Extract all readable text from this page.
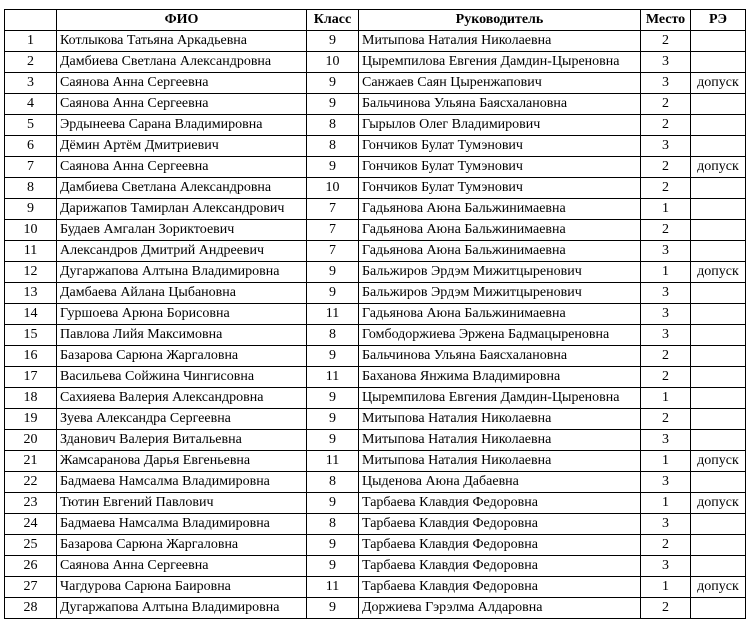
	ФИО	Класс	Руководитель	Место	РЭ
1	Котлыкова Татьяна Аркадьевна	9	Митыпова Наталия Николаевна	2	
2	Дамбиева Светлана Александровна	10	Цыремпилова Евгения Дамдин-Цыреновна	3	
3	Саянова Анна Сергеевна	9	Санжаев Саян Цыренжапович	3	допуск
4	Саянова Анна Сергеевна	9	Бальчинова Ульяна Баясхалановна	2	
5	Эрдынеева Сарана Владимировна	8	Гырылов Олег Владимирович	2	
6	Дёмин Артём Дмитриевич	8	Гончиков Булат Тумэнович	3	
7	Саянова Анна Сергеевна	9	Гончиков Булат Тумэнович	2	допуск
8	Дамбиева Светлана Александровна	10	Гончиков Булат Тумэнович	2	
9	Дарижапов Тамирлан Александрович	7	Гадьянова Аюна Бальжинимаевна	1	
10	Будаев Амгалан Зориктоевич	7	Гадьянова Аюна Бальжинимаевна	2	
11	Александров Дмитрий Андреевич	7	Гадьянова Аюна Бальжинимаевна	3	
12	Дугаржапова Алтына Владимировна	9	Бальжиров Эрдэм Мижитцыренович	1	допуск
13	Дамбаева Айлана Цыбановна	9	Бальжиров Эрдэм Мижитцыренович	3	
14	Гуршоева Арюна Борисовна	11	Гадьянова Аюна Бальжинимаевна	3	
15	Павлова Лийя Максимовна	8	Гомбодоржиева Эржена Бадмацыреновна	3	
16	Базарова Сарюна Жаргаловна	9	Бальчинова Ульяна Баясхалановна	2	
17	Васильева Сойжина Чингисовна	11	Баханова Янжима Владимировна	2	
18	Сахияева Валерия Александровна	9	Цыремпилова Евгения Дамдин-Цыреновна	1	
19	Зуева Александра Сергеевна	9	Митыпова Наталия Николаевна	2	
20	Зданович Валерия Витальевна	9	Митыпова Наталия Николаевна	3	
21	Жамсаранова Дарья Евгеньевна	11	Митыпова Наталия Николаевна	1	допуск
22	Бадмаева Намсалма Владимировна	8	Цыденова Аюна Дабаевна	3	
23	Тютин Евгений Павлович	9	Тарбаева Клавдия Федоровна	1	допуск
24	Бадмаева Намсалма Владимировна	8	Тарбаева Клавдия Федоровна	3	
25	Базарова Сарюна Жаргаловна	9	Тарбаева Клавдия Федоровна	2	
26	Саянова Анна Сергеевна	9	Тарбаева Клавдия Федоровна	3	
27	Чагдурова Сарюна Баировна	11	Тарбаева Клавдия Федоровна	1	допуск
28	Дугаржапова Алтына Владимировна	9	Доржиева Гэрэлма Алдаровна	2	
